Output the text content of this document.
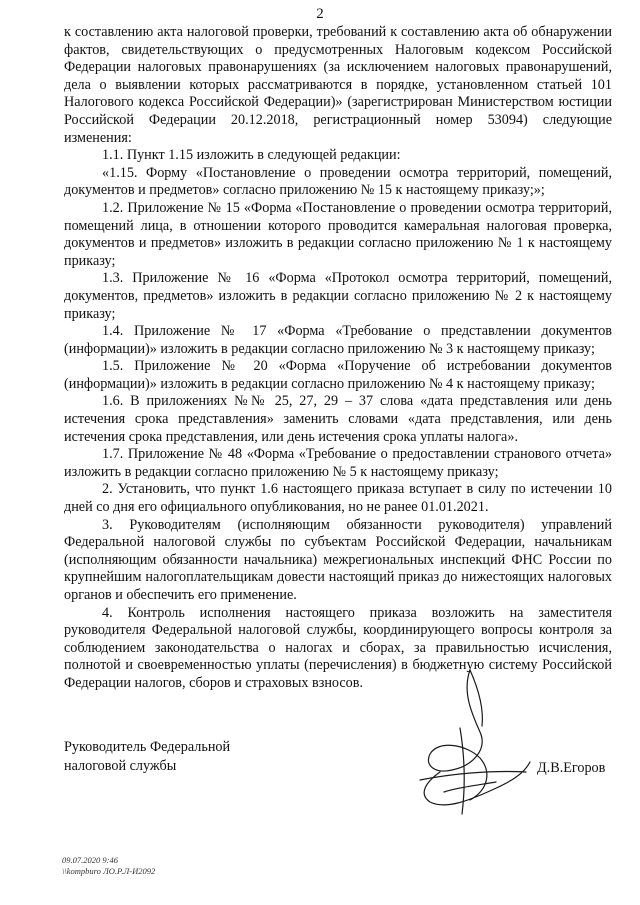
2

к составлению акта налоговой проверки, требований к составлению акта об обнаружении фактов, свидетельствующих о предусмотренных Налоговым кодексом Российской Федерации налоговых правонарушениях (за исключением налоговых правонарушений, дела о выявлении которых рассматриваются в порядке, установленном статьей 101 Налогового кодекса Российской Федерации)» (зарегистрирован Министерством юстиции Российской Федерации 20.12.2018, регистрационный номер 53094) следующие изменения:

1.1. Пункт 1.15 изложить в следующей редакции:

«1.15. Форму «Постановление о проведении осмотра территорий, помещений, документов и предметов» согласно приложению № 15 к настоящему приказу;»;

1.2. Приложение № 15 «Форма «Постановление о проведении осмотра территорий, помещений лица, в отношении которого проводится камеральная налоговая проверка, документов и предметов» изложить в редакции согласно приложению № 1 к настоящему приказу;

1.3. Приложение № 16 «Форма «Протокол осмотра территорий, помещений, документов, предметов» изложить в редакции согласно приложению № 2 к настоящему приказу;

1.4. Приложение № 17 «Форма «Требование о представлении документов (информации)» изложить в редакции согласно приложению № 3 к настоящему приказу;

1.5. Приложение № 20 «Форма «Поручение об истребовании документов (информации)» изложить в редакции согласно приложению № 4 к настоящему приказу;

1.6. В приложениях №№ 25, 27, 29 – 37 слова «дата представления или день истечения срока представления» заменить словами «дата представления, или день истечения срока представления, или день истечения срока уплаты налога».

1.7. Приложение № 48 «Форма «Требование о предоставлении странового отчета» изложить в редакции согласно приложению № 5 к настоящему приказу;

2. Установить, что пункт 1.6 настоящего приказа вступает в силу по истечении 10 дней со дня его официального опубликования, но не ранее 01.01.2021.

3. Руководителям (исполняющим обязанности руководителя) управлений Федеральной налоговой службы по субъектам Российской Федерации, начальникам (исполняющим обязанности начальника) межрегиональных инспекций ФНС России по крупнейшим налогоплательщикам довести настоящий приказ до нижестоящих налоговых органов и обеспечить его применение.

4. Контроль исполнения настоящего приказа возложить на заместителя руководителя Федеральной налоговой службы, координирующего вопросы контроля за соблюдением законодательства о налогах и сборах, за правильностью исчисления, полнотой и своевременностью уплаты (перечисления) в бюджетную систему Российской Федерации налогов, сборов и страховых взносов.

Руководитель Федеральной
налоговой службы	Д.В.Егоров
09.07.2020 9:46
\\kompburo ЛО.Р.Л-И2092
